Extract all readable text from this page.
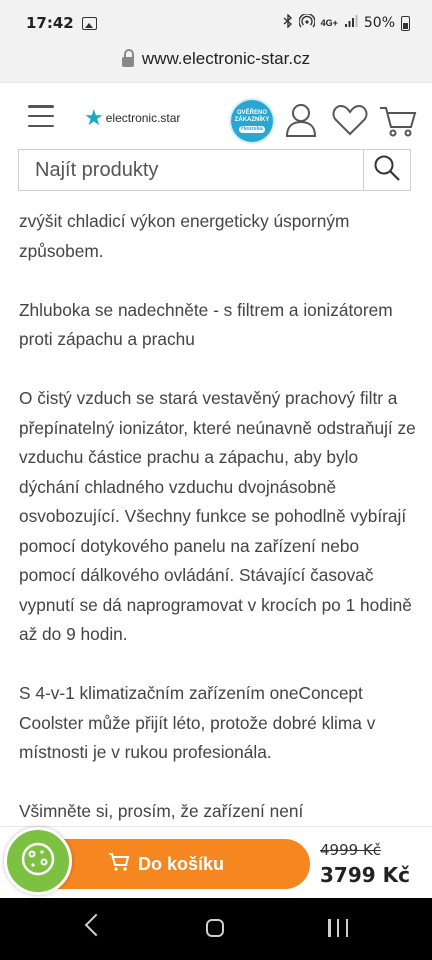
17:42	4G+ 50%
www.electronic-star.cz
★ electronic.star	OVĚŘENO
ZÁKAZNÍKY
Heureka
Najít produkty

zvýšit chladicí výkon energeticky úsporným způsobem.

Zhluboka se nadechněte - s filtrem a ionizátorem proti zápachu a prachu

O čistý vzduch se stará vestavěný prachový filtr a přepínatelný ionizátor, které neúnavně odstraňují ze vzduchu částice prachu a zápachu, aby bylo dýchání chladného vzduchu dvojnásobně osvobozující. Všechny funkce se pohodlně vybírají pomocí dotykového panelu na zařízení nebo pomocí dálkového ovládání. Stávající časovač vypnutí se dá naprogramovat v krocích po 1 hodině až do 9 hodin.

S 4-v-1 klimatizačním zařízením oneConcept Coolster může přijít léto, protože dobré klima v místnosti je v rukou profesionála.

Všimněte si, prosím, že zařízení není

Do košíku
4999 Kč
3799 Kč
